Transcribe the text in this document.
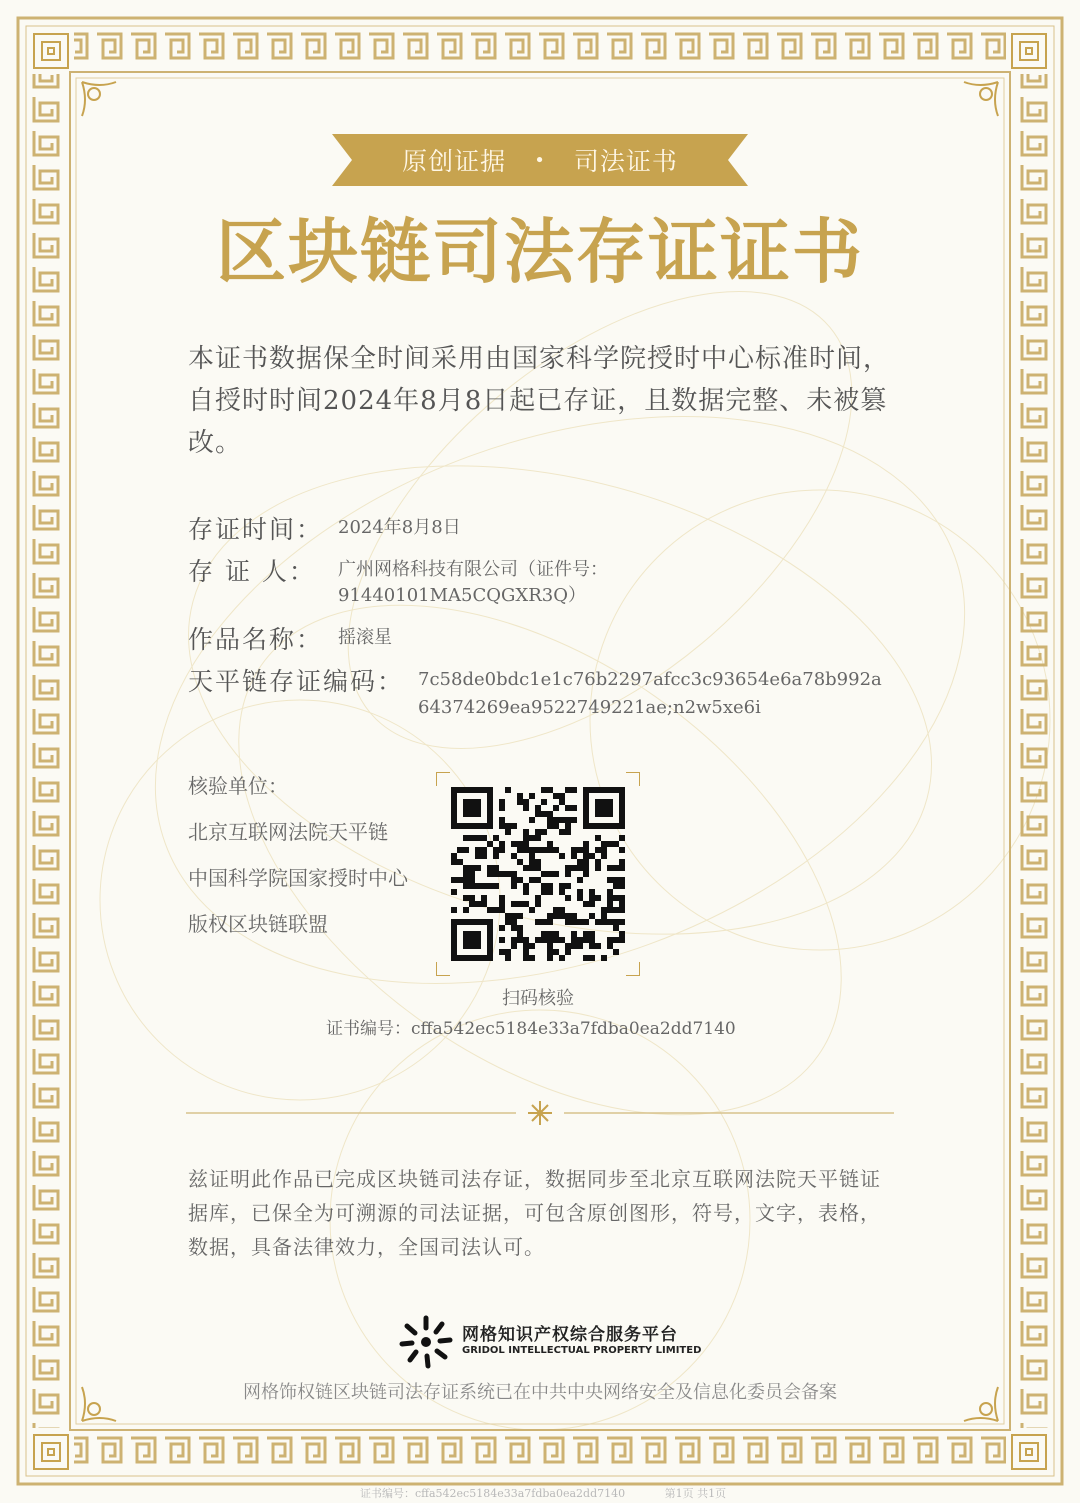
原创证据 • 司法证书
区块链司法存证证书
本证书数据保全时间采用由国家科学院授时中心标准时间，自授时时间2024年8月8日起已存证，且数据完整、未被篡改。
存证时间： 2024年8月8日
存 证 人： 广州网格科技有限公司（证件号：
91440101MA5CQGXR3Q）
作品名称： 摇滚星
天平链存证编码： 7c58de0bdc1e1c76b2297afcc3c93654e6a78b992a
64374269ea9522749221ae;n2w5xe6i
核验单位：
北京互联网法院天平链
中国科学院国家授时中心
版权区块链联盟
扫码核验
证书编号：cffa542ec5184e33a7fdba0ea2dd7140
兹证明此作品已完成区块链司法存证，数据同步至北京互联网法院天平链证据库，已保全为可溯源的司法证据，可包含原创图形，符号，文字，表格，数据，具备法律效力，全国司法认可。
网格知识产权综合服务平台
GRIDOL INTELLECTUAL PROPERTY LIMITED
网格饰权链区块链司法存证系统已在中共中央网络安全及信息化委员会备案
证书编号：cffa542ec5184e33a7fdba0ea2dd7140	第1页 共1页
